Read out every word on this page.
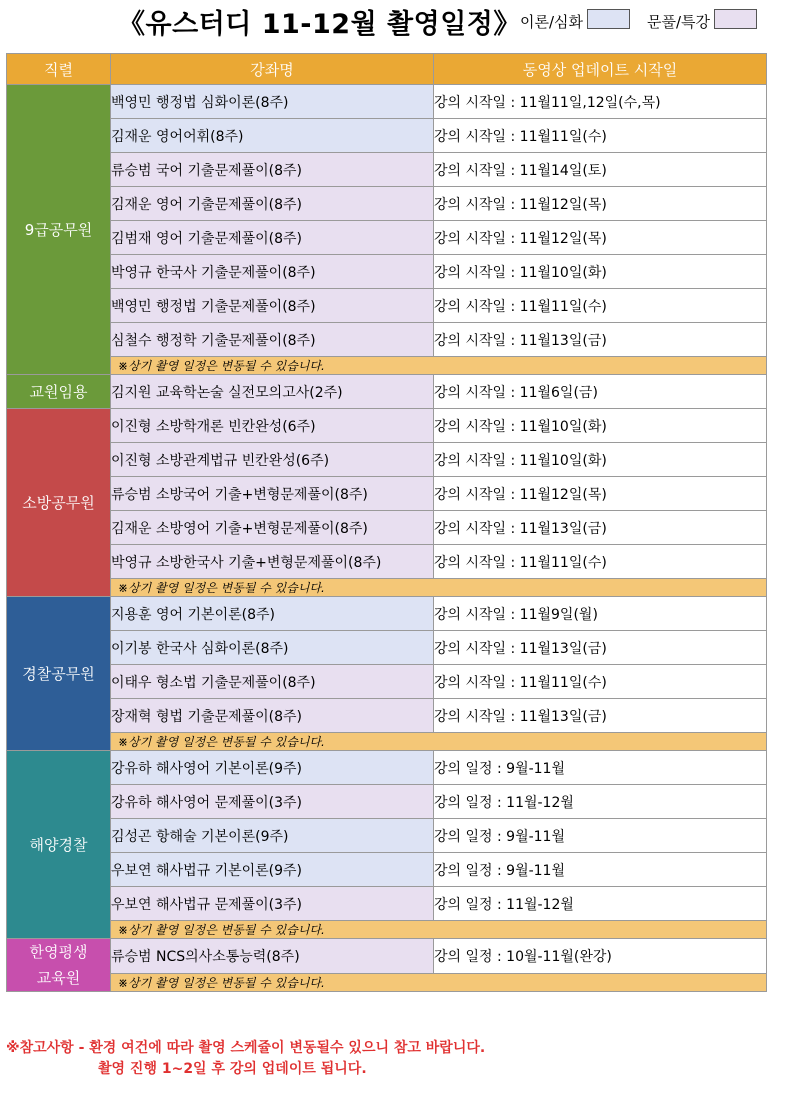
《유스터디 11-12월 촬영일정》 이론/심화	문풀/특강
직렬	강좌명	동영상 업데이트 시작일
9급공무원	백영민 행정법 심화이론(8주)	강의 시작일 : 11월11일,12일(수,목)
	김재운 영어어휘(8주)	강의 시작일 : 11월11일(수)
	류승범 국어 기출문제풀이(8주)	강의 시작일 : 11월14일(토)
	김재운 영어 기출문제풀이(8주)	강의 시작일 : 11월12일(목)
	김범재 영어 기출문제풀이(8주)	강의 시작일 : 11월12일(목)
	박영규 한국사 기출문제풀이(8주)	강의 시작일 : 11월10일(화)
	백영민 행정법 기출문제풀이(8주)	강의 시작일 : 11월11일(수)
	심철수 행정학 기출문제풀이(8주)	강의 시작일 : 11월13일(금)
	※상기 촬영 일정은 변동될 수 있습니다.	
교원임용	김지원 교육학논술 실전모의고사(2주)	강의 시작일 : 11월6일(금)
소방공무원	이진형 소방학개론 빈칸완성(6주)	강의 시작일 : 11월10일(화)
	이진형 소방관계법규 빈칸완성(6주)	강의 시작일 : 11월10일(화)
	류승범 소방국어 기출+변형문제풀이(8주)	강의 시작일 : 11월12일(목)
	김재운 소방영어 기출+변형문제풀이(8주)	강의 시작일 : 11월13일(금)
	박영규 소방한국사 기출+변형문제풀이(8주)	강의 시작일 : 11월11일(수)
	※상기 촬영 일정은 변동될 수 있습니다.	
경찰공무원	지용훈 영어 기본이론(8주)	강의 시작일 : 11월9일(월)
	이기봉 한국사 심화이론(8주)	강의 시작일 : 11월13일(금)
	이태우 형소법 기출문제풀이(8주)	강의 시작일 : 11월11일(수)
	장재혁 형법 기출문제풀이(8주)	강의 시작일 : 11월13일(금)
	※상기 촬영 일정은 변동될 수 있습니다.	
해양경찰	강유하 해사영어 기본이론(9주)	강의 일정 : 9월-11월
	강유하 해사영어 문제풀이(3주)	강의 일정 : 11월-12월
	김성곤 항해술 기본이론(9주)	강의 일정 : 9월-11월
	우보연 해사법규 기본이론(9주)	강의 일정 : 9월-11월
	우보연 해사법규 문제풀이(3주)	강의 일정 : 11월-12월
	※상기 촬영 일정은 변동될 수 있습니다.	
한영평생
교육원	류승범 NCS의사소통능력(8주)	강의 일정 : 10월-11월(완강)
	※상기 촬영 일정은 변동될 수 있습니다.	
※참고사항 - 환경 여건에 따라 촬영 스케쥴이 변동될수 있으니 참고 바랍니다.
촬영 진행 1~2일 후 강의 업데이트 됩니다.
